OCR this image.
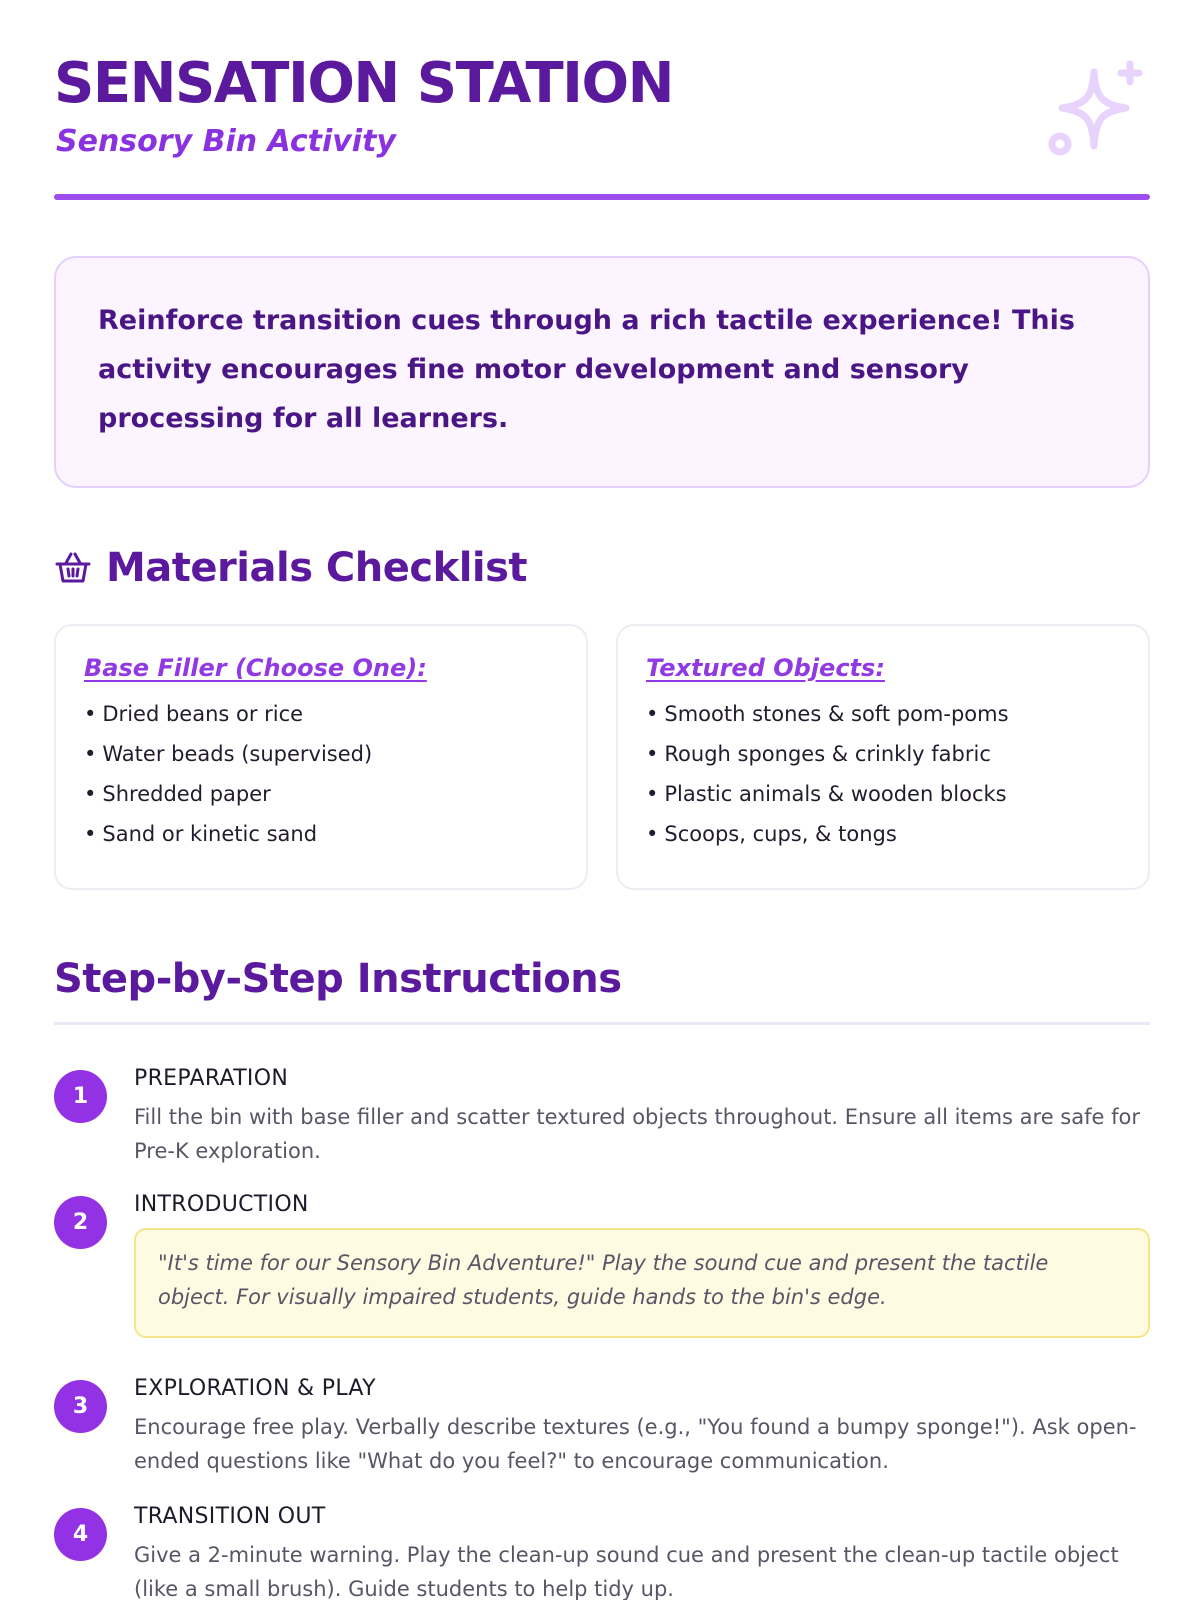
SENSATION STATION
Sensory Bin Activity

Reinforce transition cues through a rich tactile experience! This activity encourages fine motor development and sensory processing for all learners.

Materials Checklist
Base Filler (Choose One):
• Dried beans or rice
• Water beads (supervised)
• Shredded paper
• Sand or kinetic sand
Textured Objects:
• Smooth stones & soft pom-poms
• Rough sponges & crinkly fabric
• Plastic animals & wooden blocks
• Scoops, cups, & tongs
Step-by-Step Instructions
1
PREPARATION
Fill the bin with base filler and scatter textured objects throughout. Ensure all items are safe for Pre-K exploration.
2
INTRODUCTION
"It's time for our Sensory Bin Adventure!" Play the sound cue and present the tactile object. For visually impaired students, guide hands to the bin's edge.
3
EXPLORATION & PLAY
Encourage free play. Verbally describe textures (e.g., "You found a bumpy sponge!"). Ask open-ended questions like "What do you feel?" to encourage communication.
4
TRANSITION OUT
Give a 2-minute warning. Play the clean-up sound cue and present the clean-up tactile object (like a small brush). Guide students to help tidy up.
